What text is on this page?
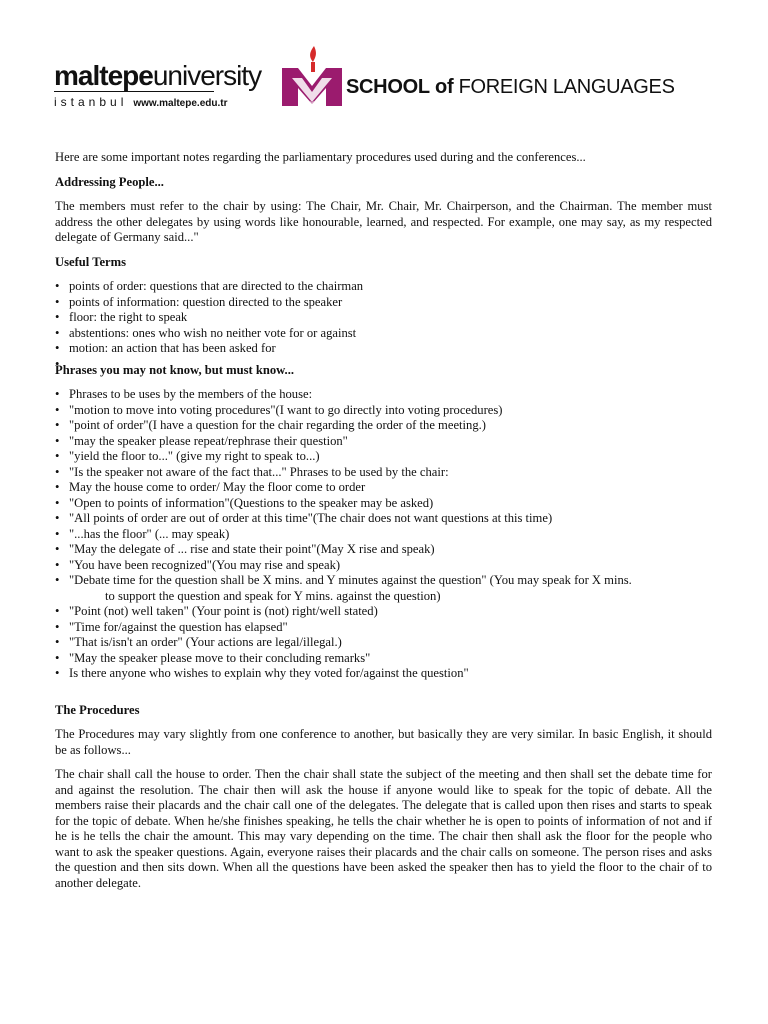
maltepeuniversity
istanbul www.maltepe.edu.tr	1997
SCHOOL of FOREIGN LANGUAGES

Here are some important notes regarding the parliamentary procedures used during and the conferences...

Addressing People...

The members must refer to the chair by using: The Chair, Mr. Chair, Mr. Chairperson, and the Chairman. The member must address the other delegates by using words like honourable, learned, and respected. For example, one may say, as my respected delegate of Germany said..."

Useful Terms
• points of order: questions that are directed to the chairman
• points of information: question directed to the speaker
• floor: the right to speak
• abstentions: ones who wish no neither vote for or against
• motion: an action that has been asked for
Phrases you may not know, but must know...
• Phrases to be uses by the members of the house:
• "motion to move into voting procedures"(I want to go directly into voting procedures)
• "point of order"(I have a question for the chair regarding the order of the meeting.)
• "may the speaker please repeat/rephrase their question"
• "yield the floor to..." (give my right to speak to...)
• "Is the speaker not aware of the fact that..." Phrases to be used by the chair:
• May the house come to order/ May the floor come to order
• "Open to points of information"(Questions to the speaker may be asked)
• "All points of order are out of order at this time"(The chair does not want questions at this time)
• "...has the floor" (... may speak)
• "May the delegate of ... rise and state their point"(May X rise and speak)
• "You have been recognized"(You may rise and speak)
• "Debate time for the question shall be X mins. and Y minutes against the question" (You may speak for X mins.
to support the question and speak for Y mins. against the question)
• "Point (not) well taken" (Your point is (not) right/well stated)
• "Time for/against the question has elapsed"
• "That is/isn't an order" (Your actions are legal/illegal.)
• "May the speaker please move to their concluding remarks"
• Is there anyone who wishes to explain why they voted for/against the question"
The Procedures

The Procedures may vary slightly from one conference to another, but basically they are very similar. In basic English, it should be as follows...

The chair shall call the house to order. Then the chair shall state the subject of the meeting and then shall set the debate time for and against the resolution. The chair then will ask the house if anyone would like to speak for the topic of debate. All the members raise their placards and the chair call one of the delegates. The delegate that is called upon then rises and starts to speak for the topic of debate. When he/she finishes speaking, he tells the chair whether he is open to points of information of not and if he is he tells the chair the amount. This may vary depending on the time. The chair then shall ask the floor for the people who want to ask the speaker questions. Again, everyone raises their placards and the chair calls on someone. The person rises and asks the question and then sits down. When all the questions have been asked the speaker then has to yield the floor to the chair of to another delegate.
